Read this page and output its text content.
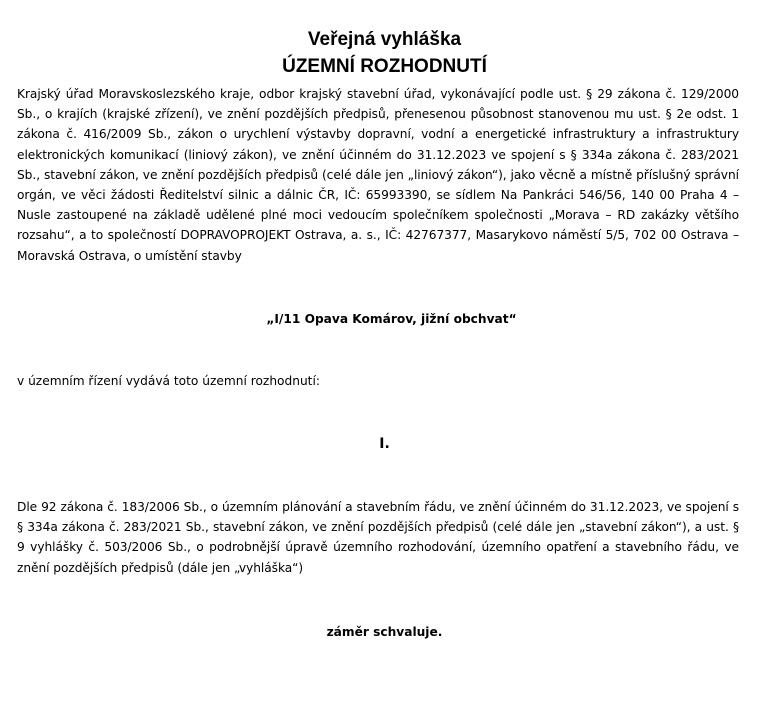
Veřejná vyhláška
ÚZEMNÍ ROZHODNUTÍ

Krajský úřad Moravskoslezského kraje, odbor krajský stavební úřad, vykonávající podle ust. § 29 zákona č. 129/2000 Sb., o krajích (krajské zřízení), ve znění pozdějších předpisů, přenesenou působnost stanovenou mu ust. § 2e odst. 1 zákona č. 416/2009 Sb., zákon o urychlení výstavby dopravní, vodní a energetické infrastruktury a infrastruktury elektronických komunikací (liniový zákon), ve znění účinném do 31.12.2023 ve spojení s § 334a zákona č. 283/2021 Sb., stavební zákon, ve znění pozdějších předpisů (celé dále jen „liniový zákon“), jako věcně a místně příslušný správní orgán, ve věci žádosti Ředitelství silnic a dálnic ČR, IČ: 65993390, se sídlem Na Pankráci 546/56, 140 00 Praha 4 – Nusle zastoupené na základě udělené plné moci vedoucím společníkem společnosti „Morava – RD zakázky většího rozsahu“, a to společností DOPRAVOPROJEKT Ostrava, a. s., IČ: 42767377, Masarykovo náměstí 5/5, 702 00 Ostrava – Moravská Ostrava, o umístění stavby

„I/11 Opava Komárov, jižní obchvat“

v územním řízení vydává toto územní rozhodnutí:

I.

Dle 92 zákona č. 183/2006 Sb., o územním plánování a stavebním řádu, ve znění účinném do 31.12.2023, ve spojení s § 334a zákona č. 283/2021 Sb., stavební zákon, ve znění pozdějších předpisů (celé dále jen „stavební zákon“), a ust. § 9 vyhlášky č. 503/2006 Sb., o podrobnější úpravě územního rozhodování, územního opatření a stavebního řádu, ve znění pozdějších předpisů (dále jen „vyhláška“)

záměr schvaluje.
